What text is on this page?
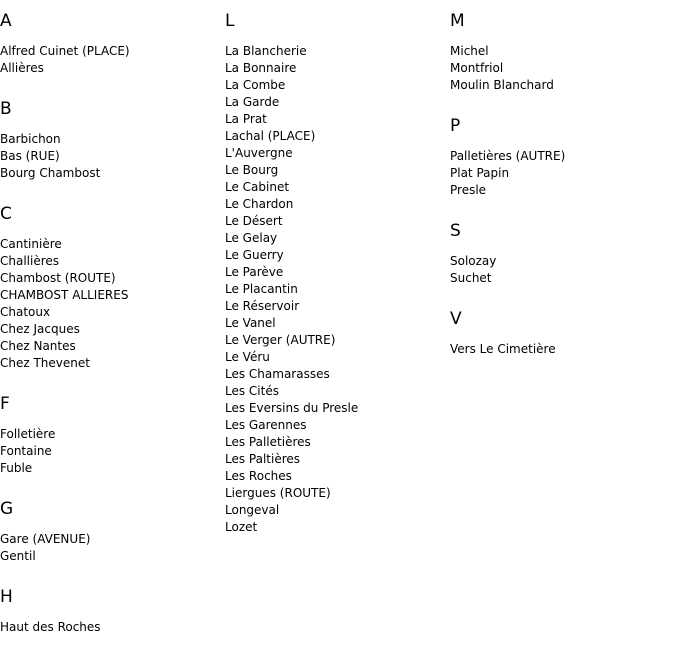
A
Alfred Cuinet (PLACE)
Allières
B
Barbichon
Bas (RUE)
Bourg Chambost
C
Cantinière
Challières
Chambost (ROUTE)
CHAMBOST ALLIERES
Chatoux
Chez Jacques
Chez Nantes
Chez Thevenet
F
Folletière
Fontaine
Fuble
G
Gare (AVENUE)
Gentil
H
Haut des Roches
L
La Blancherie
La Bonnaire
La Combe
La Garde
La Prat
Lachal (PLACE)
L'Auvergne
Le Bourg
Le Cabinet
Le Chardon
Le Désert
Le Gelay
Le Guerry
Le Parève
Le Placantin
Le Réservoir
Le Vanel
Le Verger (AUTRE)
Le Véru
Les Chamarasses
Les Cités
Les Eversins du Presle
Les Garennes
Les Palletières
Les Paltières
Les Roches
Liergues (ROUTE)
Longeval
Lozet
M
Michel
Montfriol
Moulin Blanchard
P
Palletières (AUTRE)
Plat Papin
Presle
S
Solozay
Suchet
V
Vers Le Cimetière
